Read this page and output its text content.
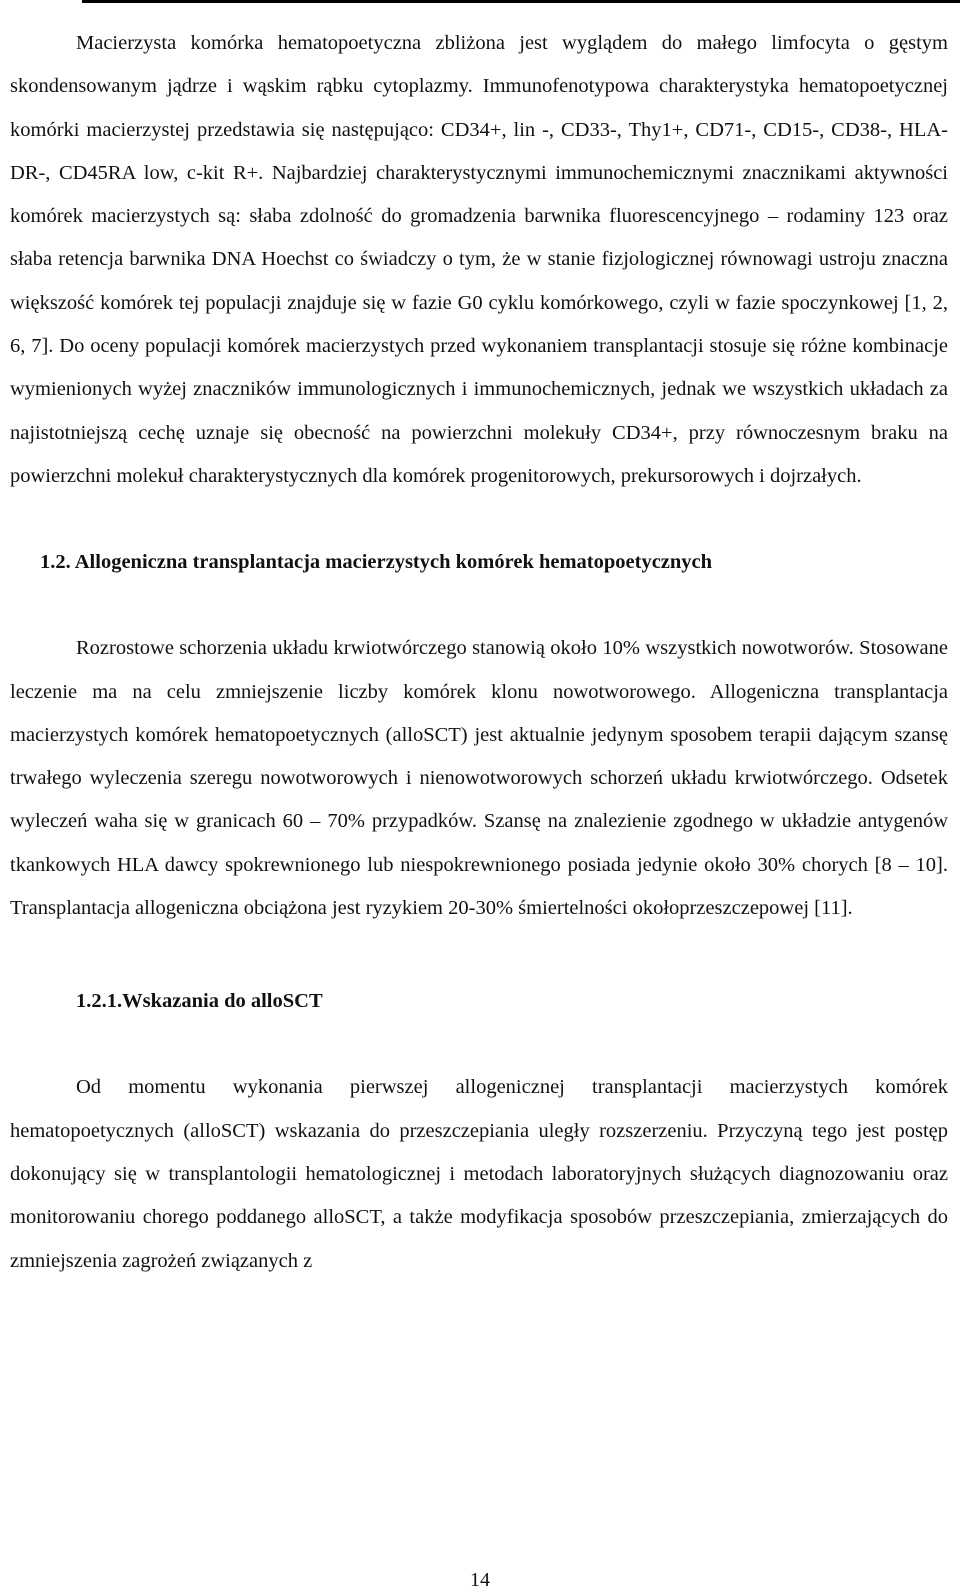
Macierzysta komórka hematopoetyczna zbliżona jest wyglądem do małego limfocyta o gęstym skondensowanym jądrze i wąskim rąbku cytoplazmy. Immunofenotypowa charakterystyka hematopoetycznej komórki macierzystej przedstawia się następująco: CD34+, lin -, CD33-, Thy1+, CD71-, CD15-, CD38-, HLA-DR-, CD45RA low, c-kit R+. Najbardziej charakterystycznymi immunochemicznymi znacznikami aktywności komórek macierzystych są: słaba zdolność do gromadzenia barwnika fluorescencyjnego – rodaminy 123 oraz słaba retencja barwnika DNA Hoechst co świadczy o tym, że w stanie fizjologicznej równowagi ustroju znaczna większość komórek tej populacji znajduje się w fazie G0 cyklu komórkowego, czyli w fazie spoczynkowej [1, 2, 6, 7]. Do oceny populacji komórek macierzystych przed wykonaniem transplantacji stosuje się różne kombinacje wymienionych wyżej znaczników immunologicznych i immunochemicznych, jednak we wszystkich układach za najistotniejszą cechę uznaje się obecność na powierzchni molekuły CD34+, przy równoczesnym braku na powierzchni molekuł charakterystycznych dla komórek progenitorowych, prekursorowych i dojrzałych.

1.2. Allogeniczna transplantacja macierzystych komórek hematopoetycznych

Rozrostowe schorzenia układu krwiotwórczego stanowią około 10% wszystkich nowotworów. Stosowane leczenie ma na celu zmniejszenie liczby komórek klonu nowotworowego. Allogeniczna transplantacja macierzystych komórek hematopoetycznych (alloSCT) jest aktualnie jedynym sposobem terapii dającym szansę trwałego wyleczenia szeregu nowotworowych i nienowotworowych schorzeń układu krwiotwórczego. Odsetek wyleczeń waha się w granicach 60 – 70% przypadków. Szansę na znalezienie zgodnego w układzie antygenów tkankowych HLA dawcy spokrewnionego lub niespokrewnionego posiada jedynie około 30% chorych [8 – 10]. Transplantacja allogeniczna obciążona jest ryzykiem 20-30% śmiertelności okołoprzeszczepowej [11].

1.2.1.Wskazania do alloSCT

Od momentu wykonania pierwszej allogenicznej transplantacji macierzystych komórek hematopoetycznych (alloSCT) wskazania do przeszczepiania uległy rozszerzeniu. Przyczyną tego jest postęp dokonujący się w transplantologii hematologicznej i metodach laboratoryjnych służących diagnozowaniu oraz monitorowaniu chorego poddanego alloSCT, a także modyfikacja sposobów przeszczepiania, zmierzających do zmniejszenia zagrożeń związanych z

14
